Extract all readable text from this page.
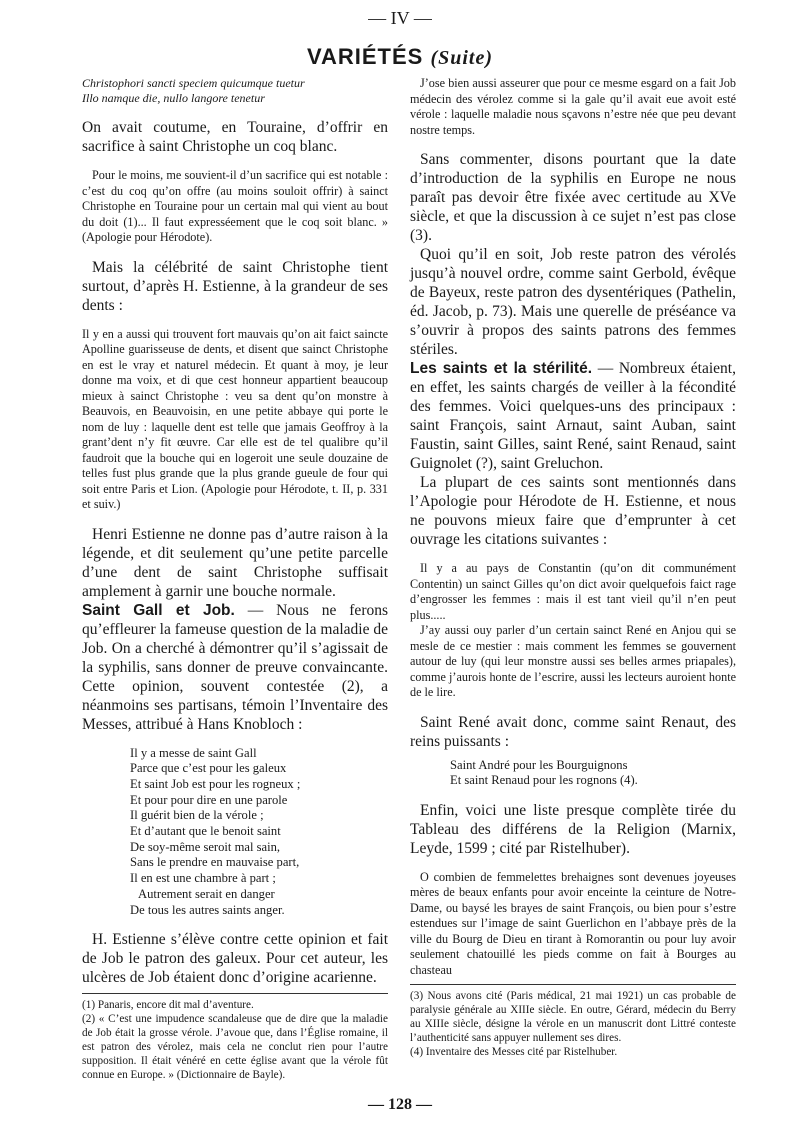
— IV —
VARIÉTÉS (Suite)
Christophori sancti speciem quicumque tuetur
Illo namque die, nullo langore tenetur

On avait coutume, en Touraine, d’offrir en sacrifice à saint Christophe un coq blanc.

Pour le moins, me souvient-il d’un sacrifice qui est notable : c’est du coq qu’on offre (au moins souloit offrir) à sainct Christophe en Touraine pour un certain mal qui vient au bout du doit (1)... Il faut expresséement que le coq soit blanc. » (Apologie pour Hérodote).

Mais la célébrité de saint Christophe tient surtout, d’après H. Estienne, à la grandeur de ses dents :

Il y en a aussi qui trouvent fort mauvais qu’on ait faict saincte Apolline guarisseuse de dents, et disent que sainct Christophe en est le vray et naturel médecin. Et quant à moy, je leur donne ma voix, et di que cest honneur appartient beaucoup mieux à sainct Christophe : veu sa dent qu’on monstre à Beauvois, en Beauvoisin, en une petite abbaye qui porte le nom de luy : laquelle dent est telle que jamais Geoffroy à la grant’dent n’y fit œuvre. Car elle est de tel qualibre qu’il faudroit que la bouche qui en logeroit une seule douzaine de telles fust plus grande que la plus grande gueule de four qui soit entre Paris et Lion. (Apologie pour Hérodote, t. II, p. 331 et suiv.)

Henri Estienne ne donne pas d’autre raison à la légende, et dit seulement qu’une petite parcelle d’une dent de saint Christophe suffisait amplement à garnir une bouche normale.

Saint Gall et Job. — Nous ne ferons qu’effleurer la fameuse question de la maladie de Job. On a cherché à démontrer qu’il s’agissait de la syphilis, sans donner de preuve convaincante. Cette opinion, souvent contestée (2), a néanmoins ses partisans, témoin l’Inventaire des Messes, attribué à Hans Knobloch :

Il y a messe de saint Gall
Parce que c’est pour les galeux
Et saint Job est pour les rogneux ;
Et pour pour dire en une parole
Il guérit bien de la vérole ;
Et d’autant que le benoit saint
De soy-même seroit mal sain,
Sans le prendre en mauvaise part,
Il en est une chambre à part ;
Autrement serait en danger
De tous les autres saints anger.

H. Estienne s’élève contre cette opinion et fait de Job le patron des galeux. Pour cet auteur, les ulcères de Job étaient donc d’origine acarienne.

(1) Panaris, encore dit mal d’aventure.

(2) « C’est une impudence scandaleuse que de dire que la maladie de Job était la grosse vérole. J’avoue que, dans l’Église romaine, il est patron des vérolez, mais cela ne conclut rien pour l’autre supposition. Il était vénéré en cette église avant que la vérole fût connue en Europe. » (Dictionnaire de Bayle).

J’ose bien aussi asseurer que pour ce mesme esgard on a fait Job médecin des vérolez comme si la gale qu’il avait eue avoit esté vérole : laquelle maladie nous sçavons n’estre née que peu devant nostre temps.

Sans commenter, disons pourtant que la date d’introduction de la syphilis en Europe ne nous paraît pas devoir être fixée avec certitude au XVe siècle, et que la discussion à ce sujet n’est pas close (3).

Quoi qu’il en soit, Job reste patron des vérolés jusqu’à nouvel ordre, comme saint Gerbold, évêque de Bayeux, reste patron des dysentériques (Pathelin, éd. Jacob, p. 73). Mais une querelle de préséance va s’ouvrir à propos des saints patrons des femmes stériles.

Les saints et la stérilité. — Nombreux étaient, en effet, les saints chargés de veiller à la fécondité des femmes. Voici quelques-uns des principaux : saint François, saint Arnaut, saint Auban, saint Faustin, saint Gilles, saint René, saint Renaud, saint Guignolet (?), saint Greluchon.

La plupart de ces saints sont mentionnés dans l’Apologie pour Hérodote de H. Estienne, et nous ne pouvons mieux faire que d’emprunter à cet ouvrage les citations suivantes :

Il y a au pays de Constantin (qu’on dit communément Contentin) un sainct Gilles qu’on dict avoir quelquefois faict rage d’engrosser les femmes : mais il est tant vieil qu’il n’en peut plus.....

J’ay aussi ouy parler d’un certain sainct René en Anjou qui se mesle de ce mestier : mais comment les femmes se gouvernent autour de luy (qui leur monstre aussi ses belles armes priapales), comme j’aurois honte de l’escrire, aussi les lecteurs auroient honte de le lire.

Saint René avait donc, comme saint Renaut, des reins puissants :

Saint André pour les Bourguignons
Et saint Renaud pour les rognons (4).

Enfin, voici une liste presque complète tirée du Tableau des différens de la Religion (Marnix, Leyde, 1599 ; cité par Ristelhuber).

O combien de femmelettes brehaignes sont devenues joyeuses mères de beaux enfants pour avoir enceinte la ceinture de Notre-Dame, ou baysé les brayes de saint François, ou bien pour s’estre estendues sur l’image de saint Guerlichon en l’abbaye près de la ville du Bourg de Dieu en tirant à Romorantin ou pour luy avoir seulement chatouillé les pieds comme on fait à Bourges au chasteau

(3) Nous avons cité (Paris médical, 21 mai 1921) un cas probable de paralysie générale au XIIIe siècle. En outre, Gérard, médecin du Berry au XIIIe siècle, désigne la vérole en un manuscrit dont Littré conteste l’authenticité sans appuyer nullement ses dires.

(4) Inventaire des Messes cité par Ristelhuber.

— 128 —
